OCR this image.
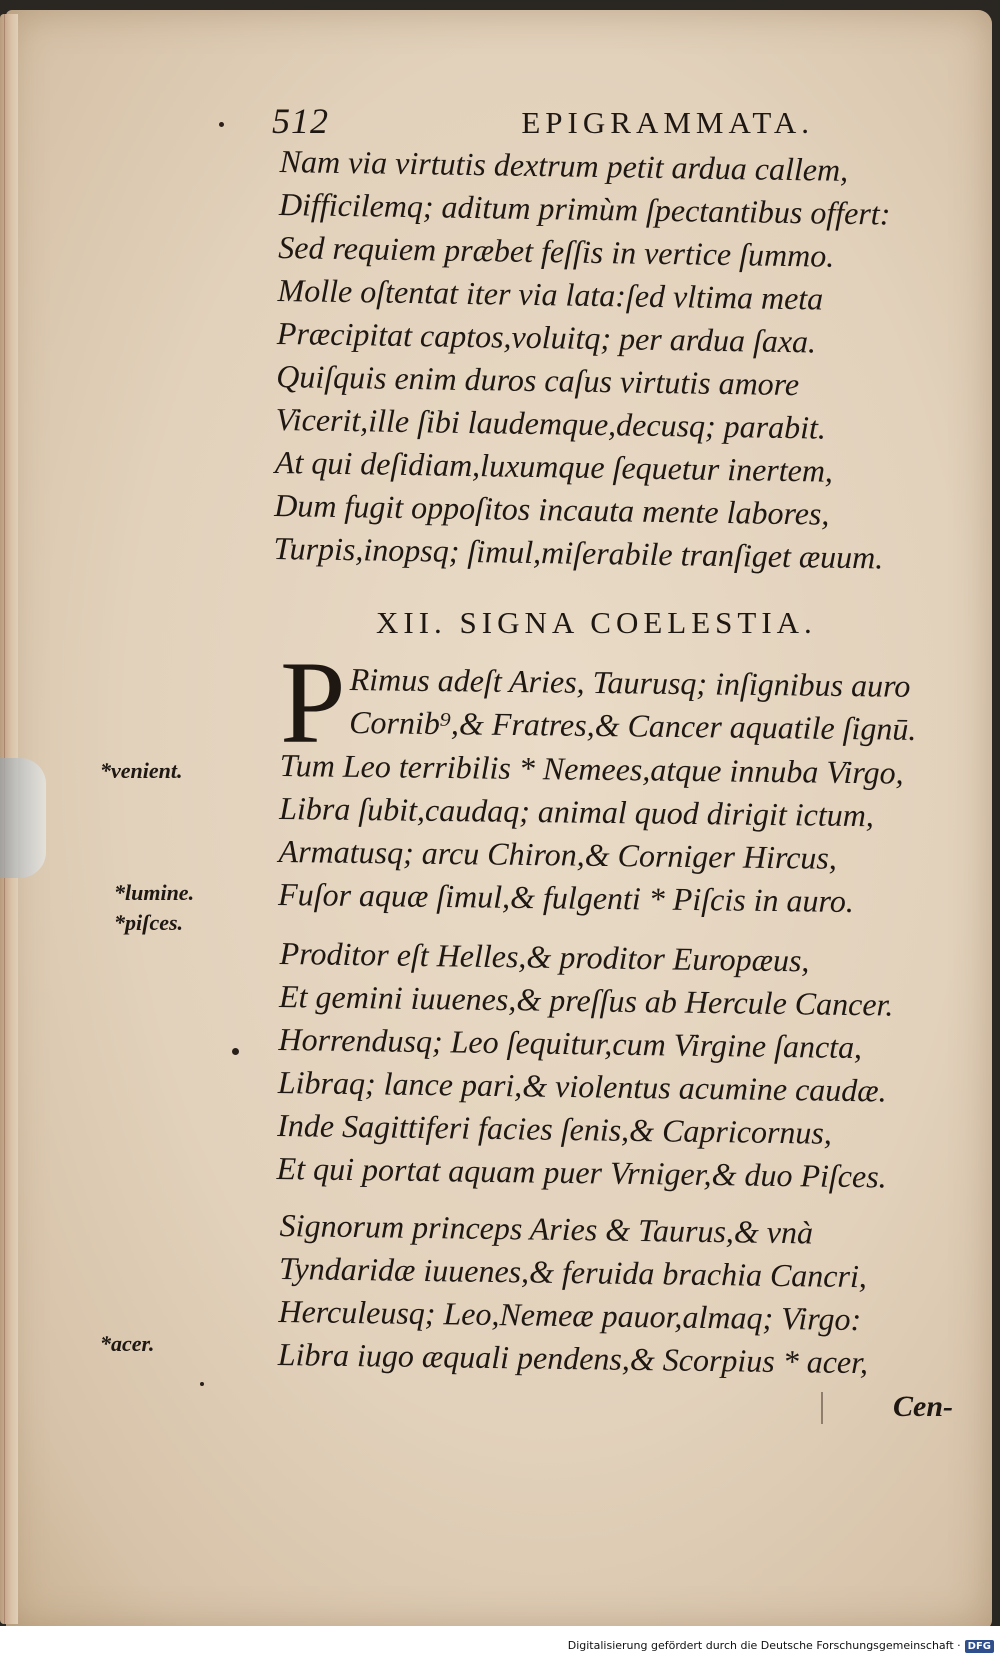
512	EPIGRAMMATA.
Nam via virtutis dextrum petit ardua callem,
Difficilemq; aditum primùm ſpectantibus offert:
Sed requiem præbet feſſis in vertice ſummo.
Molle oſtentat iter via lata:ſed vltima meta
Præcipitat captos,voluitq; per ardua ſaxa.
Quiſquis enim duros caſus virtutis amore
Vicerit,ille ſibi laudemque,decusq; parabit.
At qui deſidiam,luxumque ſequetur inertem,
Dum fugit oppoſitos incauta mente labores,
Turpis,inopsq; ſimul,miſerabile tranſiget æuum.
XII. SIGNA COELESTIA.
P Rimus adeſt Aries, Taurusq; inſignibus auro
Cornib⁹,& Fratres,& Cancer aquatile ſignū.
Tum Leo terribilis * Nemees,atque innuba Virgo,
Libra ſubit,caudaq; animal quod dirigit ictum,
Armatusq; arcu Chiron,& Corniger Hircus,
Fuſor aquæ ſimul,& fulgenti * Piſcis in auro.
Proditor eſt Helles,& proditor Europæus,
Et gemini iuuenes,& preſſus ab Hercule Cancer.
Horrendusq; Leo ſequitur,cum Virgine ſancta,
Libraq; lance pari,& violentus acumine caudæ.
Inde Sagittiferi facies ſenis,& Capricornus,
Et qui portat aquam puer Vrniger,& duo Piſces.
Signorum princeps Aries & Taurus,& vnà
Tyndaridæ iuuenes,& feruida brachia Cancri,
Herculeusq; Leo,Nemeæ pauor,almaq; Virgo:
Libra iugo æquali pendens,& Scorpius * acer,
*venient.
*lumine.
*piſces.
*acer.
Cen-
Digitalisierung gefördert durch die Deutsche Forschungsgemeinschaft · DFG
